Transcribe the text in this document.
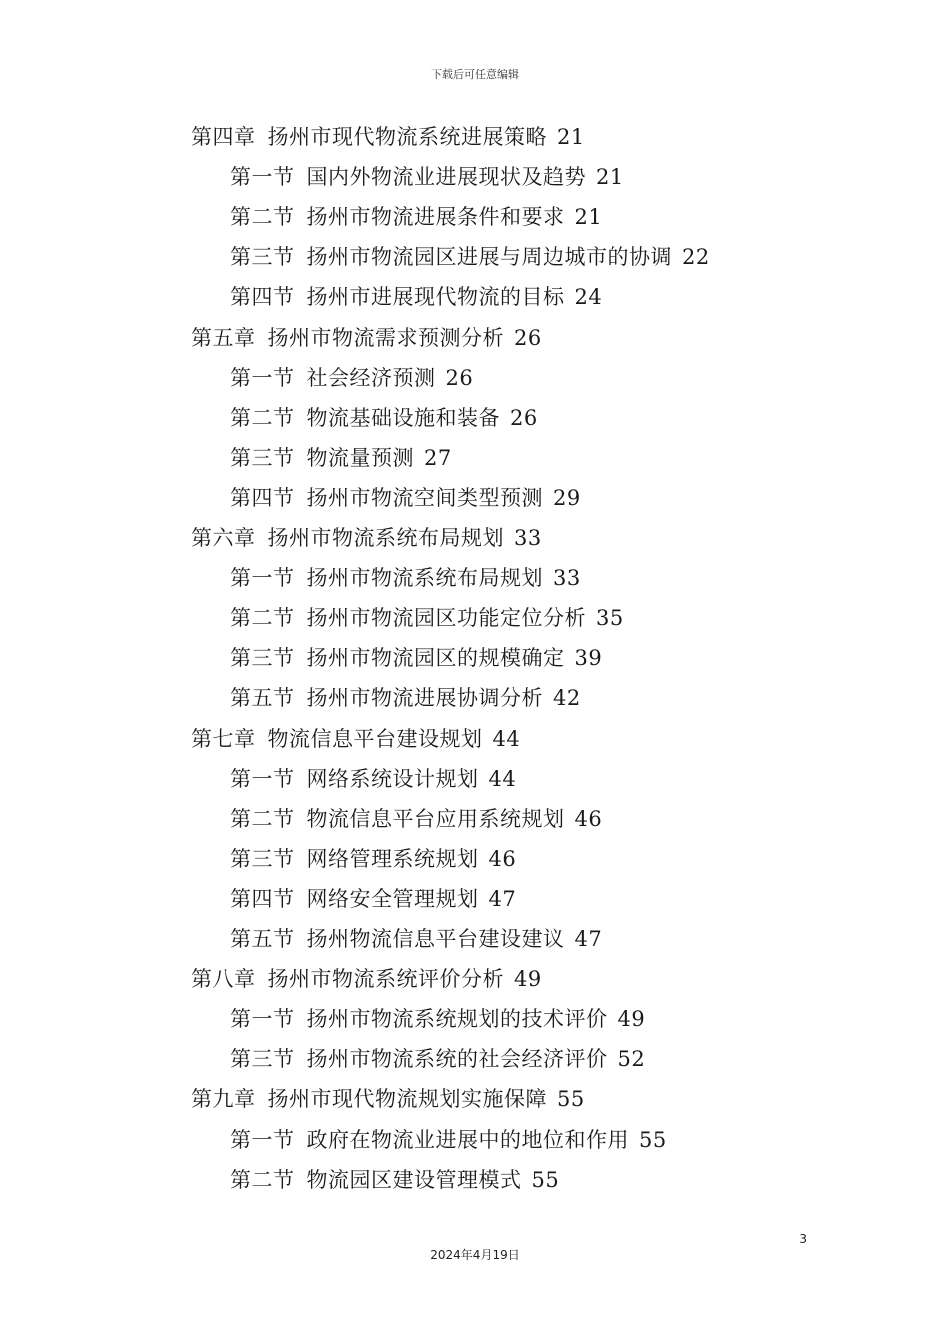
下载后可任意编辑
第四章 扬州市现代物流系统进展策略 21
第一节 国内外物流业进展现状及趋势 21
第二节 扬州市物流进展条件和要求 21
第三节 扬州市物流园区进展与周边城市的协调 22
第四节 扬州市进展现代物流的目标 24
第五章 扬州市物流需求预测分析 26
第一节 社会经济预测 26
第二节 物流基础设施和装备 26
第三节 物流量预测 27
第四节 扬州市物流空间类型预测 29
第六章 扬州市物流系统布局规划 33
第一节 扬州市物流系统布局规划 33
第二节 扬州市物流园区功能定位分析 35
第三节 扬州市物流园区的规模确定 39
第五节 扬州市物流进展协调分析 42
第七章 物流信息平台建设规划 44
第一节 网络系统设计规划 44
第二节 物流信息平台应用系统规划 46
第三节 网络管理系统规划 46
第四节 网络安全管理规划 47
第五节 扬州物流信息平台建设建议 47
第八章 扬州市物流系统评价分析 49
第一节 扬州市物流系统规划的技术评价 49
第三节 扬州市物流系统的社会经济评价 52
第九章 扬州市现代物流规划实施保障 55
第一节 政府在物流业进展中的地位和作用 55
第二节 物流园区建设管理模式 55
3
2024年4月19日
